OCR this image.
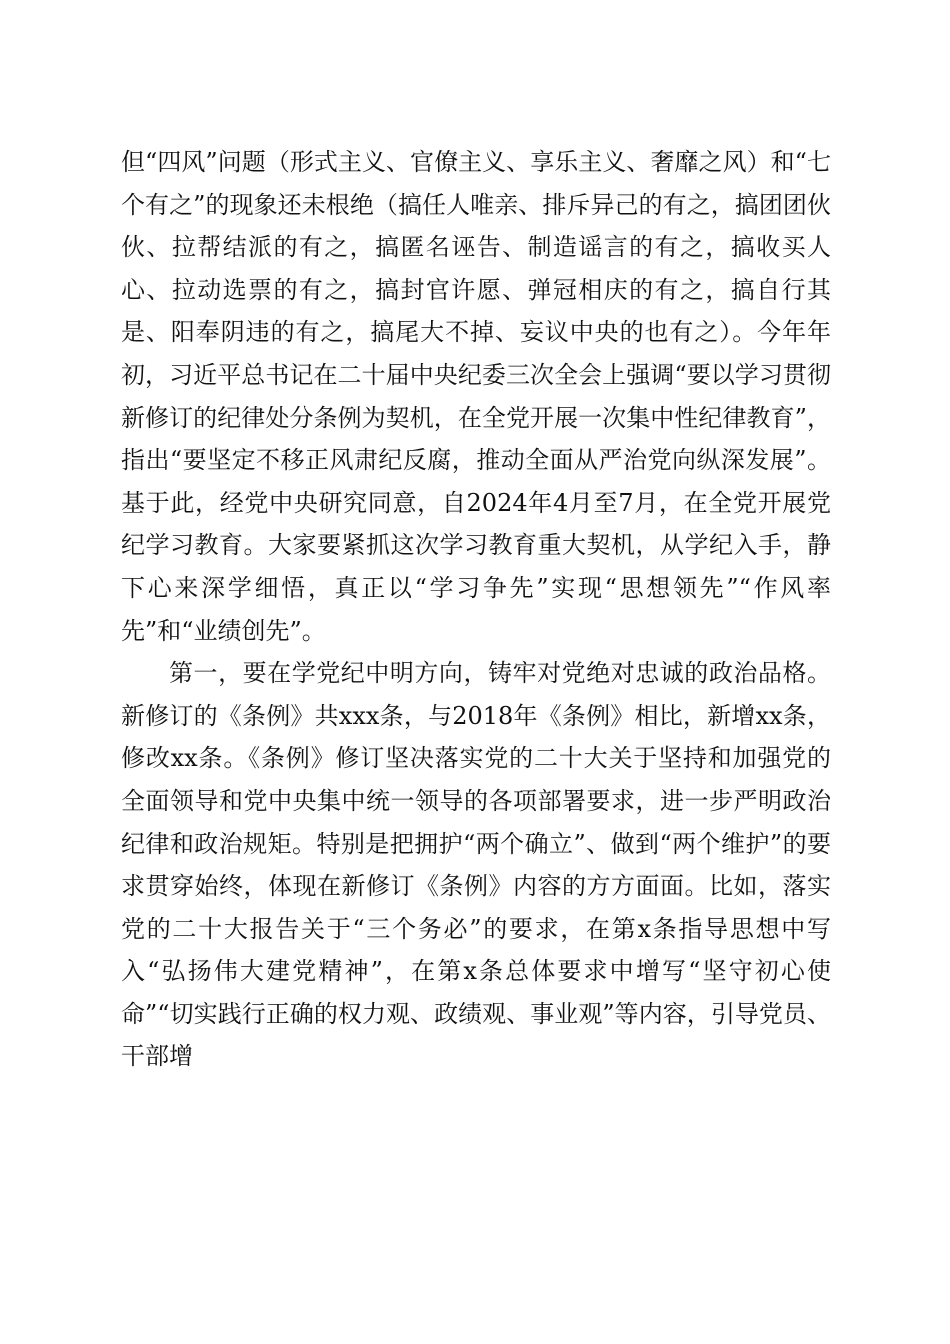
但“四风”问题（形式主义、官僚主义、享乐主义、奢靡之风）和“七个有之”的现象还未根绝（搞任人唯亲、排斥异己的有之，搞团团伙伙、拉帮结派的有之，搞匿名诬告、制造谣言的有之，搞收买人心、拉动选票的有之，搞封官许愿、弹冠相庆的有之，搞自行其是、阳奉阴违的有之，搞尾大不掉、妄议中央的也有之）。今年年初，习近平总书记在二十届中央纪委三次全会上强调“要以学习贯彻新修订的纪律处分条例为契机，在全党开展一次集中性纪律教育”，指出“要坚定不移正风肃纪反腐，推动全面从严治党向纵深发展”。基于此，经党中央研究同意，自2024年4月至7月，在全党开展党纪学习教育。大家要紧抓这次学习教育重大契机，从学纪入手，静下心来深学细悟，真正以“学习争先”实现“思想领先”“作风率先”和“业绩创先”。

第一，要在学党纪中明方向，铸牢对党绝对忠诚的政治品格。新修订的《条例》共xxx条，与2018年《条例》相比，新增xx条，修改xx条。《条例》修订坚决落实党的二十大关于坚持和加强党的全面领导和党中央集中统一领导的各项部署要求，进一步严明政治纪律和政治规矩。特别是把拥护“两个确立”、做到“两个维护”的要求贯穿始终，体现在新修订《条例》内容的方方面面。比如，落实党的二十大报告关于“三个务必”的要求，在第x条指导思想中写入“弘扬伟大建党精神”，在第x条总体要求中增写“坚守初心使命”“切实践行正确的权力观、政绩观、事业观”等内容，引导党员、干部增
